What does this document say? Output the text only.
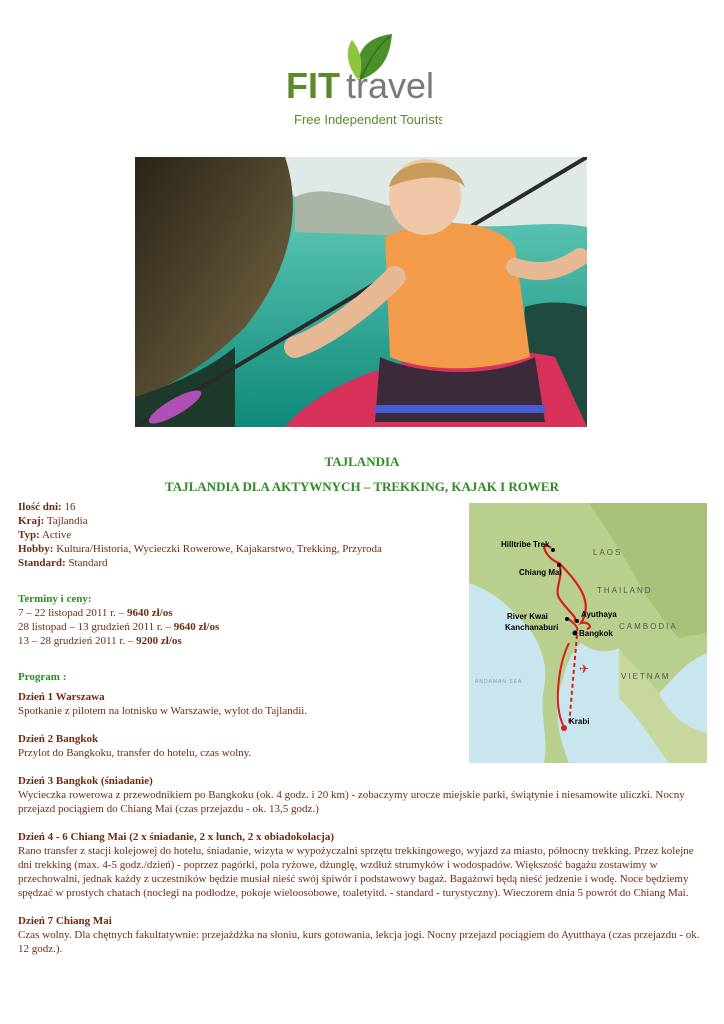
FIT travel
Free Independent Tourists
TAJLANDIA
TAJLANDIA DLA AKTYWNYCH – TREKKING, KAJAK I ROWER
✈
Hilltribe Trek
Chiang Mai
River Kwai
Kanchanaburi
Ayuthaya
Bangkok
Krabi
LAOS
THAILAND
CAMBODIA
VIETNAM
ANDAMAN SEA
Ilość dni: 16
Kraj: Tajlandia
Typ: Active
Hobby: Kultura/Historia, Wycieczki Rowerowe, Kajakarstwo, Trekking, Przyroda
Standard: Standard
Terminy i ceny:
7 – 22 listopad 2011 r. – 9640 zł/os
28 listopad – 13 grudzień 2011 r. – 9640 zł/os
13 – 28 grudzień 2011 r. – 9200 zł/os
Program :
Dzień 1 Warszawa
Spotkanie z pilotem na lotnisku w Warszawie, wylot do Tajlandii.
Dzień 2 Bangkok
Przylot do Bangkoku, transfer do hotelu, czas wolny.
Dzień 3 Bangkok (śniadanie)
Wycieczka rowerowa z przewodnikiem po Bangkoku (ok. 4 godz. i 20 km) - zobaczymy urocze miejskie parki, świątynie i niesamowite uliczki. Nocny przejazd pociągiem do Chiang Mai (czas przejazdu - ok. 13,5 godz.)
Dzień 4 - 6 Chiang Mai (2 x śniadanie, 2 x lunch, 2 x obiadokolacja)
Rano transfer z stacji kolejowej do hotelu, śniadanie, wizyta w wypożyczalni sprzętu trekkingowego, wyjazd za miasto, północny trekking. Przez kolejne dni trekking (max. 4-5 godz./dzień) - poprzez pagórki, pola ryżowe, dżunglę, wzdłuż strumyków i wodospadów. Większość bagażu zostawimy w przechowalni, jednak każdy z uczestników będzie musiał nieść swój śpiwór i podstawowy bagaż. Bagażowi będą nieść jedzenie i wodę. Noce będziemy spędzać w prostych chatach (noclegi na podłodze, pokoje wieloosobowe, toaletyitd. - standard - turystyczny). Wieczorem dnia 5 powrót do Chiang Mai.
Dzień 7 Chiang Mai
Czas wolny. Dla chętnych fakultatywnie: przejażdżka na słoniu, kurs gotowania, lekcja jogi. Nocny przejazd pociągiem do Ayutthaya (czas przejazdu - ok. 12 godz.).
